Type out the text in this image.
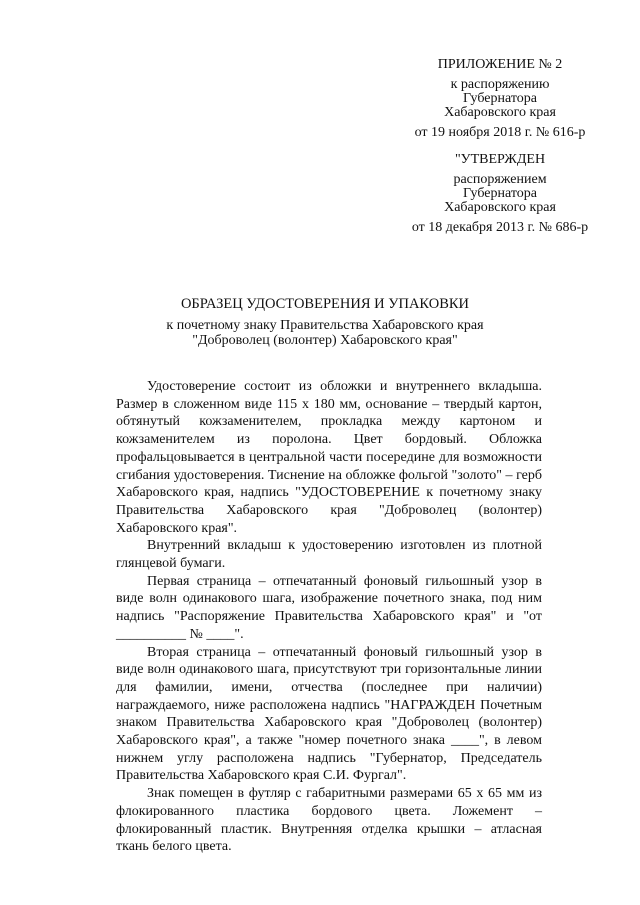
ПРИЛОЖЕНИЕ № 2
к распоряжению
Губернатора
Хабаровского края
от 19 ноября 2018 г. № 616-р
"УТВЕРЖДЕН
распоряжением
Губернатора
Хабаровского края
от 18 декабря 2013 г. № 686-р
ОБРАЗЕЦ УДОСТОВЕРЕНИЯ И УПАКОВКИ
к почетному знаку Правительства Хабаровского края
"Доброволец (волонтер) Хабаровского края"

Удостоверение состоит из обложки и внутреннего вкладыша. Размер в сложенном виде 115 х 180 мм, основание – твердый картон, обтянутый кожзаменителем, прокладка между картоном и кожзаменителем из поролона. Цвет бордовый. Обложка профальцовывается в центральной части посередине для возможности сгибания удостоверения. Тиснение на обложке фольгой "золото" – герб Хабаровского края, надпись "УДОСТОВЕРЕНИЕ к почетному знаку Правительства Хабаровского края "Доброволец (волонтер) Хабаровского края".

Внутренний вкладыш к удостоверению изготовлен из плотной глянцевой бумаги.

Первая страница – отпечатанный фоновый гильошный узор в виде волн одинакового шага, изображение почетного знака, под ним надпись "Распоряжение Правительства Хабаровского края" и "от __________ № ____".

Вторая страница – отпечатанный фоновый гильошный узор в виде волн одинакового шага, присутствуют три горизонтальные линии для фамилии, имени, отчества (последнее при наличии) награждаемого, ниже расположена надпись "НАГРАЖДЕН Почетным знаком Правительства Хабаровского края "Доброволец (волонтер) Хабаровского края", а также "номер почетного знака ____", в левом нижнем углу расположена надпись "Губернатор, Председатель Правительства Хабаровского края С.И. Фургал".

Знак помещен в футляр с габаритными размерами 65 х 65 мм из флокированного пластика бордового цвета. Ложемент – флокированный пластик. Внутренняя отделка крышки – атласная ткань белого цвета.
